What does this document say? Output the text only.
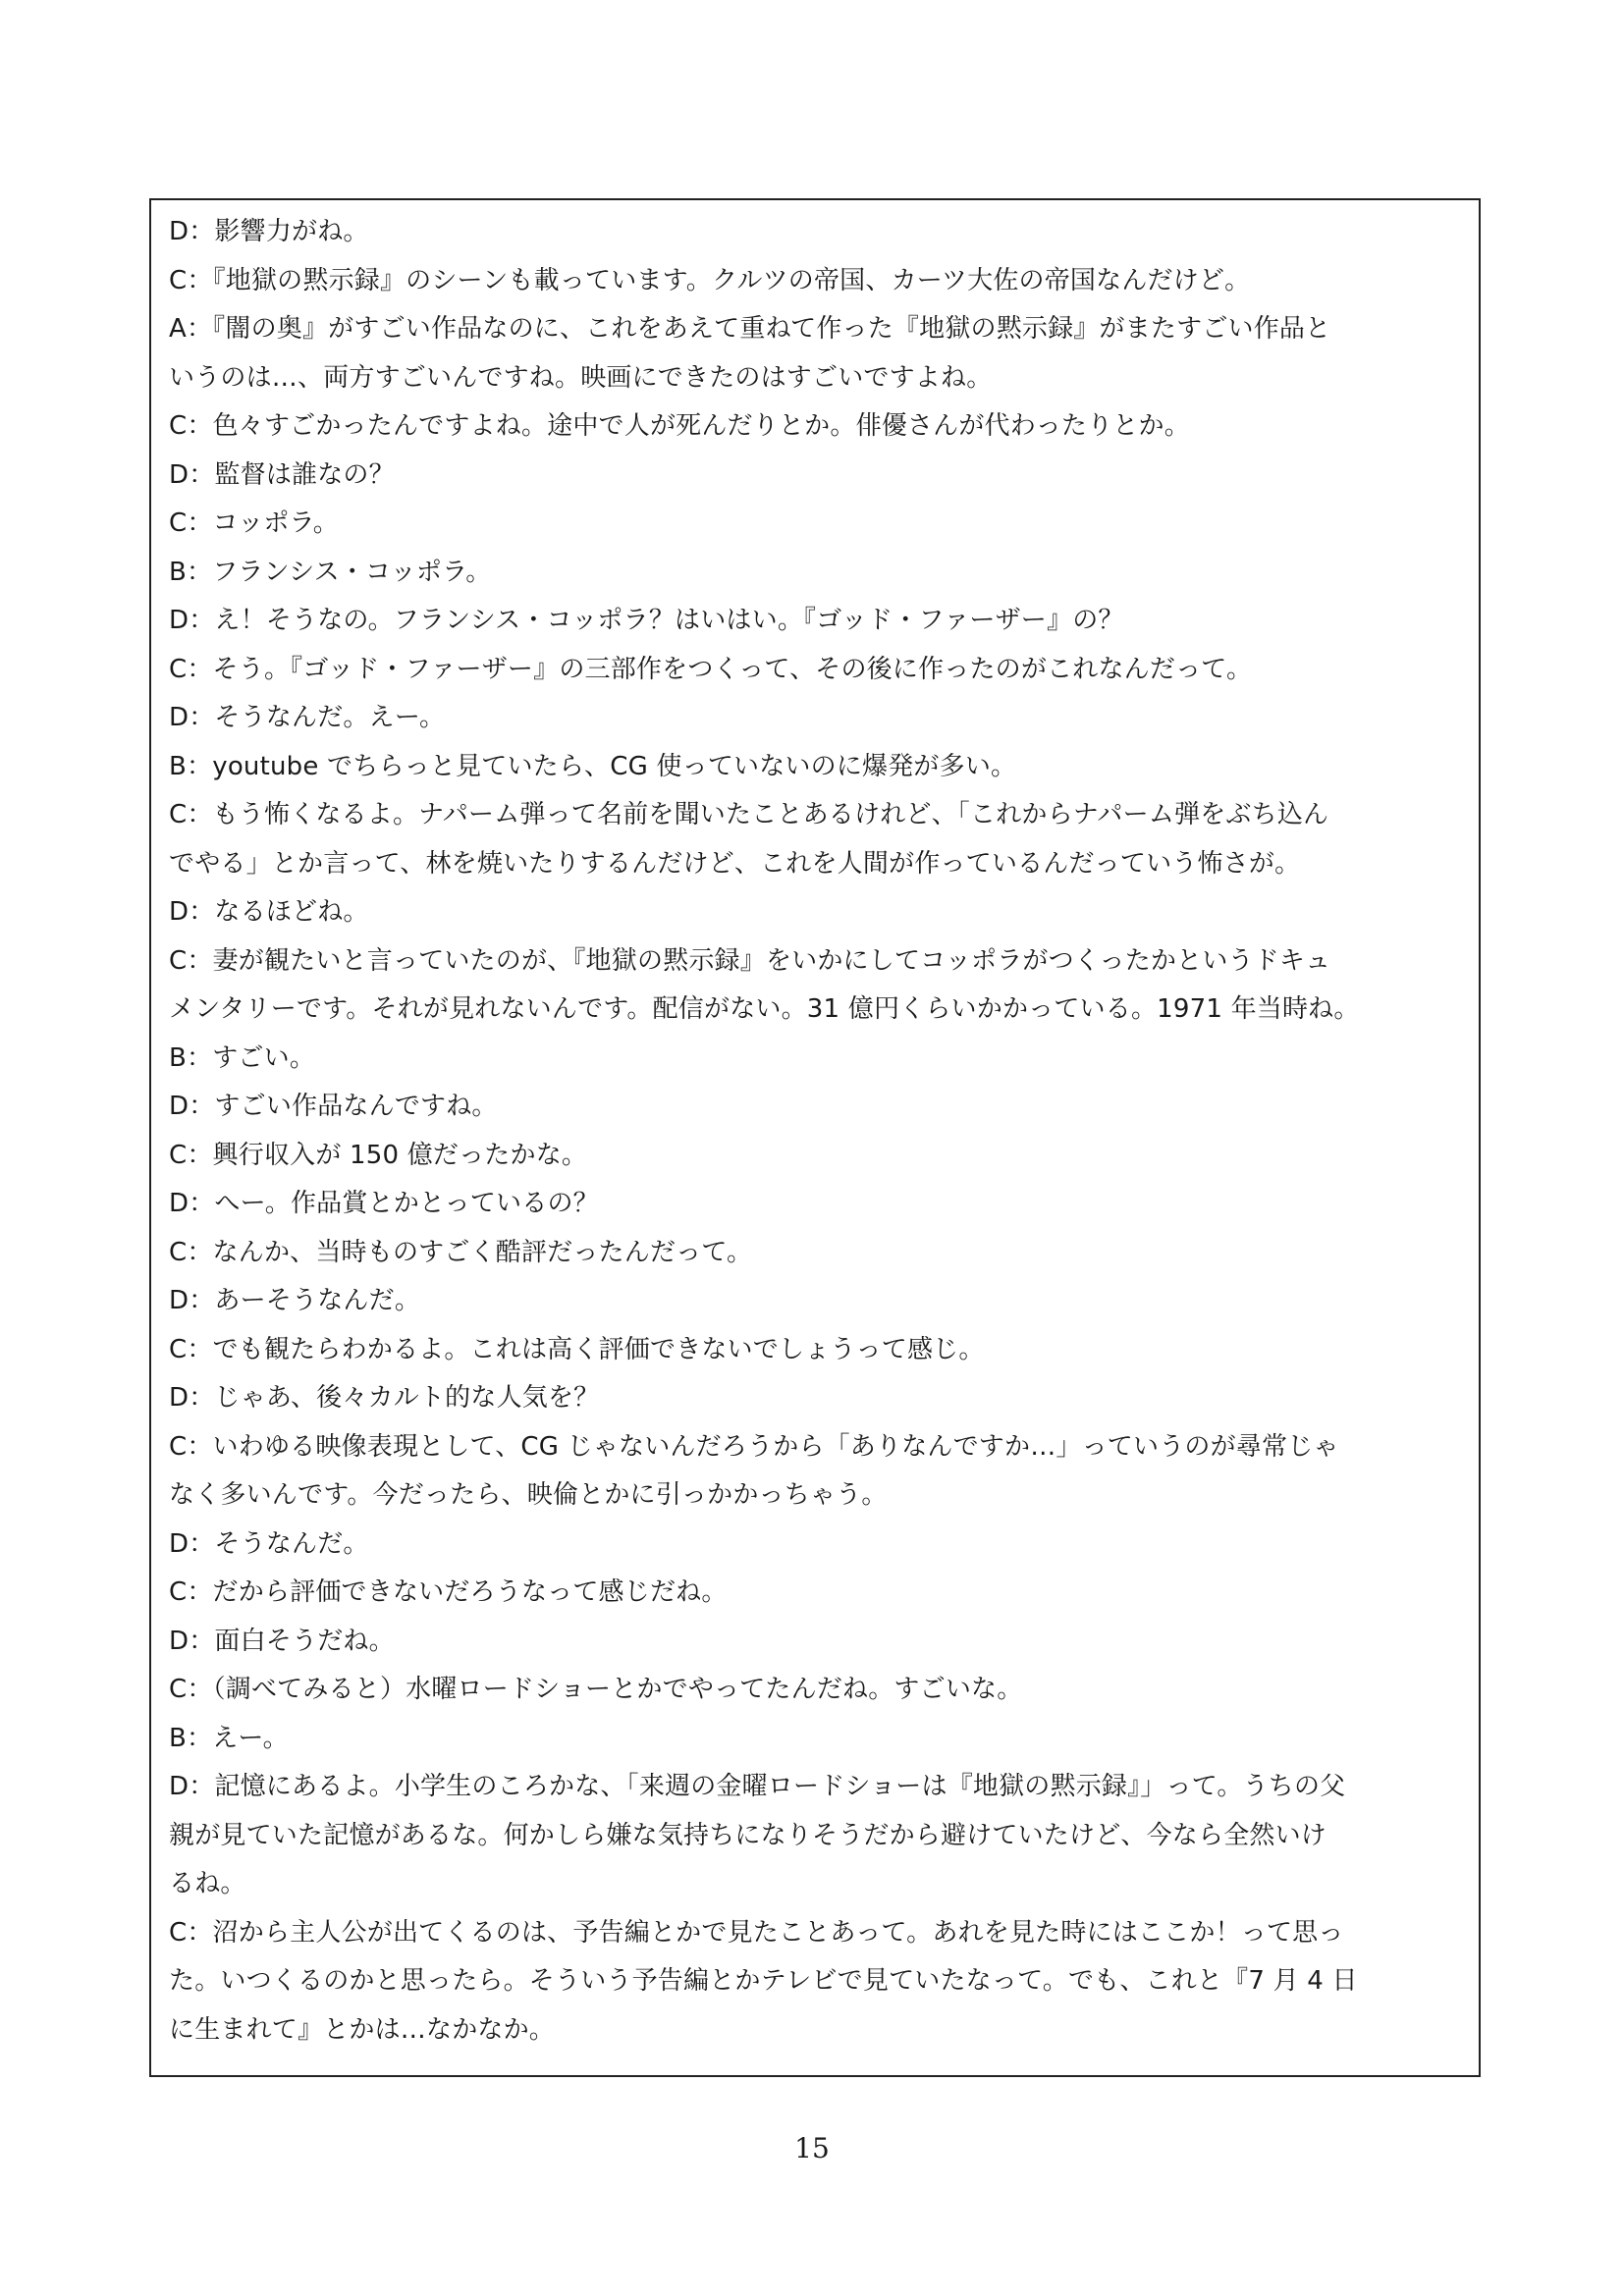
D：影響力がね。
C：『地獄の黙示録』のシーンも載っています。クルツの帝国、カーツ大佐の帝国なんだけど。
A：『闇の奥』がすごい作品なのに、これをあえて重ねて作った『地獄の黙示録』がまたすごい作品と
いうのは…、両方すごいんですね。映画にできたのはすごいですよね。
C：色々すごかったんですよね。途中で人が死んだりとか。俳優さんが代わったりとか。
D：監督は誰なの？
C：コッポラ。
B：フランシス・コッポラ。
D：え！そうなの。フランシス・コッポラ？はいはい。『ゴッド・ファーザー』の？
C：そう。『ゴッド・ファーザー』の三部作をつくって、その後に作ったのがこれなんだって。
D：そうなんだ。えー。
B：youtube でちらっと見ていたら、CG 使っていないのに爆発が多い。
C：もう怖くなるよ。ナパーム弾って名前を聞いたことあるけれど、「これからナパーム弾をぶち込ん
でやる」とか言って、林を焼いたりするんだけど、これを人間が作っているんだっていう怖さが。
D：なるほどね。
C：妻が観たいと言っていたのが、『地獄の黙示録』をいかにしてコッポラがつくったかというドキュ
メンタリーです。それが見れないんです。配信がない。31 億円くらいかかっている。1971 年当時ね。
B：すごい。
D：すごい作品なんですね。
C：興行収入が 150 億だったかな。
D：へー。作品賞とかとっているの？
C：なんか、当時ものすごく酷評だったんだって。
D：あーそうなんだ。
C：でも観たらわかるよ。これは高く評価できないでしょうって感じ。
D：じゃあ、後々カルト的な人気を？
C：いわゆる映像表現として、CG じゃないんだろうから「ありなんですか…」っていうのが尋常じゃ
なく多いんです。今だったら、映倫とかに引っかかっちゃう。
D：そうなんだ。
C：だから評価できないだろうなって感じだね。
D：面白そうだね。
C：（調べてみると）水曜ロードショーとかでやってたんだね。すごいな。
B：えー。
D：記憶にあるよ。小学生のころかな、「来週の金曜ロードショーは『地獄の黙示録』」って。うちの父
親が見ていた記憶があるな。何かしら嫌な気持ちになりそうだから避けていたけど、今なら全然いけ
るね。
C：沼から主人公が出てくるのは、予告編とかで見たことあって。あれを見た時にはここか！って思っ
た。いつくるのかと思ったら。そういう予告編とかテレビで見ていたなって。でも、これと『7 月 4 日
に生まれて』とかは…なかなか。
15
